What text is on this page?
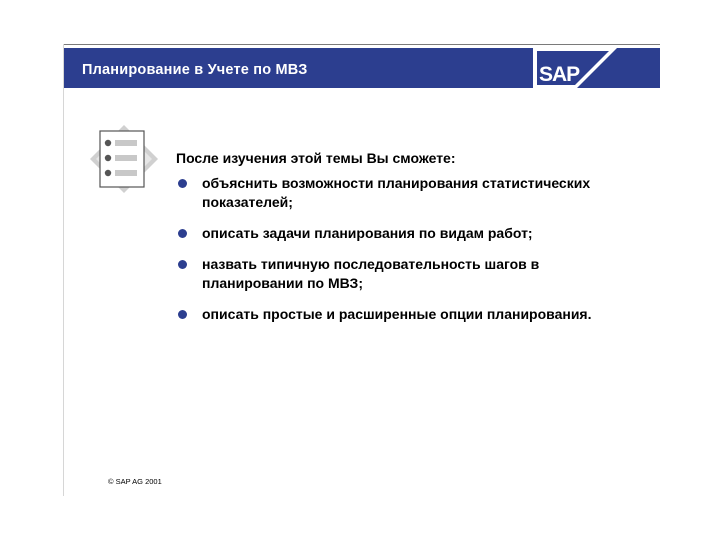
Планирование в Учете по МВЗ	SAP

После изучения этой темы Вы сможете:

объяснить возможности планирования статистических показателей;
описать задачи планирования по видам работ;
назвать типичную последовательность шагов в планировании по МВЗ;
описать простые и расширенные опции планирования.
© SAP AG 2001
